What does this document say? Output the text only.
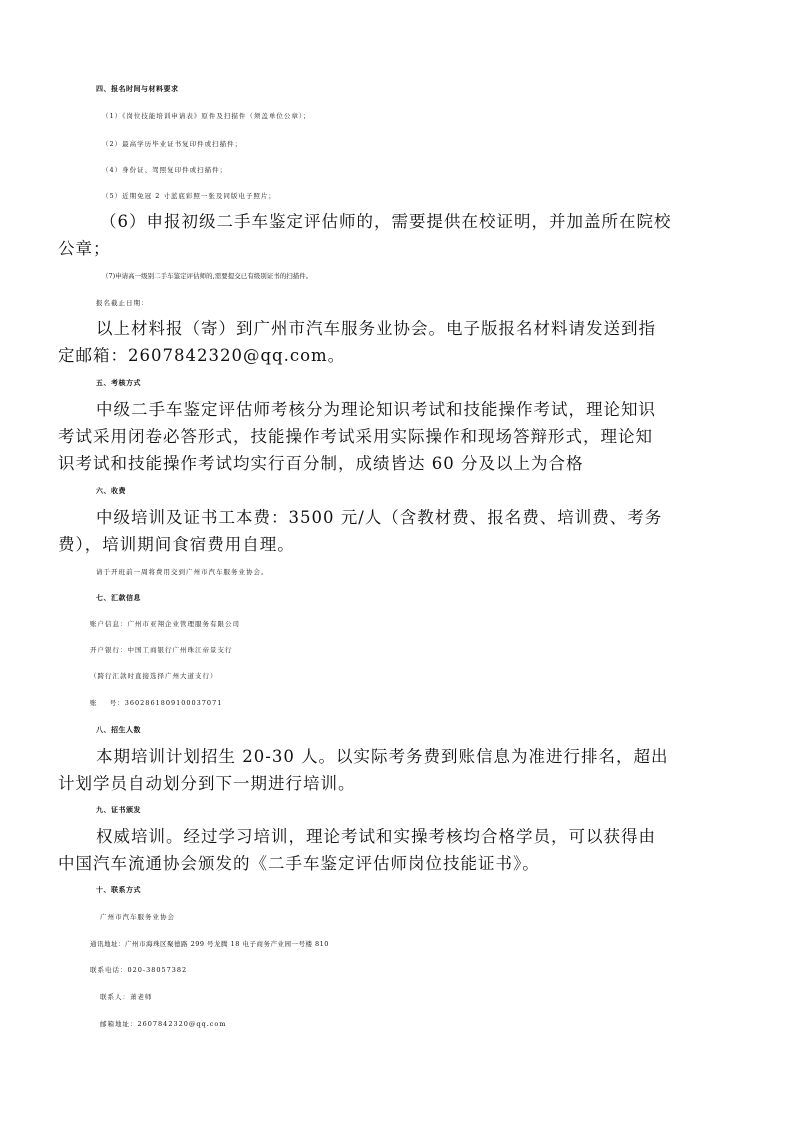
四、报名时间与材料要求
（1）《岗位技能培训申请表》原件及扫描件（须盖单位公章）；
（2）最高学历毕业证书复印件或扫描件；
（4）身份证、驾照复印件或扫描件；
（5）近期免冠 2 寸蓝底彩照一张及同版电子照片；
（6）申报初级二手车鉴定评估师的，需要提供在校证明，并加盖所在院校
公章；
（7)申请高一级别二手车鉴定评估师的,需要提交已有级别证书的扫描件。
报名截止日期：
以上材料报（寄）到广州市汽车服务业协会。电子版报名材料请发送到指
定邮箱：2607842320@qq.com。
五、考核方式
中级二手车鉴定评估师考核分为理论知识考试和技能操作考试，理论知识
考试采用闭卷必答形式，技能操作考试采用实际操作和现场答辩形式，理论知
识考试和技能操作考试均实行百分制，成绩皆达 60 分及以上为合格
六、收费
中级培训及证书工本费：3500 元/人（含教材费、报名费、培训费、考务
费），培训期间食宿费用自理。
请于开班前一周将费用交到广州市汽车服务业协会。
七、汇款信息
账户信息：广州市亚翔企业管理服务有限公司
开户银行：中国工商银行广州珠江帝景支行
（跨行汇款时直接选择广州大道支行）
账    号：3602861809100037071
八、招生人数
本期培训计划招生 20-30 人。以实际考务费到账信息为准进行排名，超出
计划学员自动划分到下一期进行培训。
九、证书颁发
权威培训。经过学习培训，理论考试和实操考核均合格学员，可以获得由
中国汽车流通协会颁发的《二手车鉴定评估师岗位技能证书》。
十、联系方式
广州市汽车服务业协会
通讯地址：广州市海珠区聚德路 299 号龙腾 18 电子商务产业园一号楼 810
联系电话：020-38057382
联系人：萧老师
邮箱地址：2607842320@qq.com
